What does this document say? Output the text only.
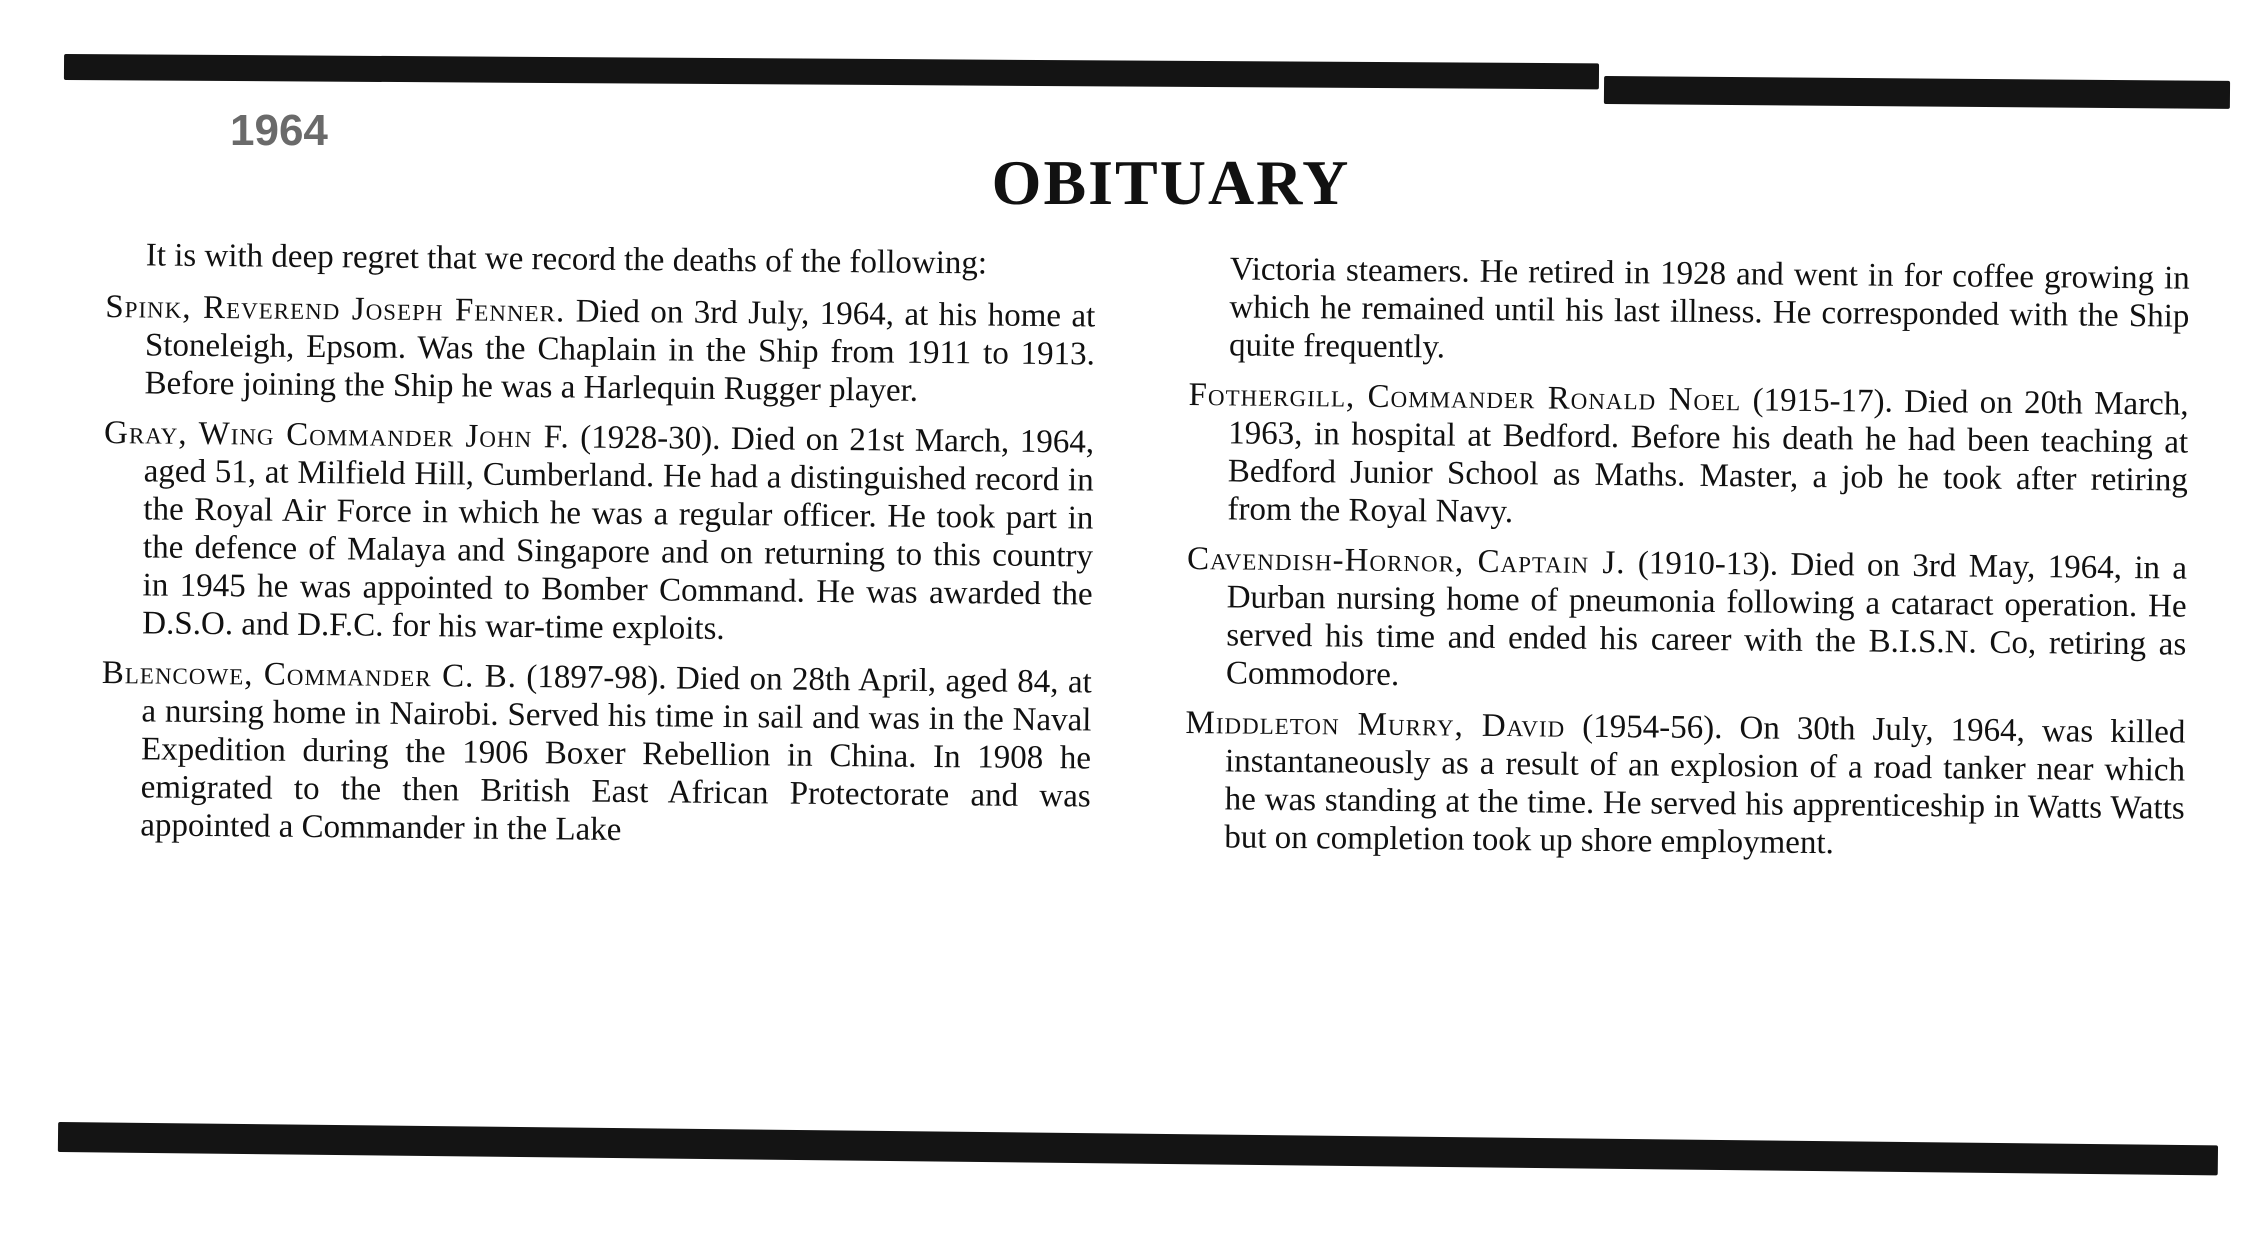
1964

OBITUARY

It is with deep regret that we record the deaths of the following:

Spink, Reverend Joseph Fenner. Died on 3rd July, 1964, at his home at Stoneleigh, Epsom. Was the Chaplain in the Ship from 1911 to 1913. Before joining the Ship he was a Harlequin Rugger player.

Gray, Wing Commander John F. (1928-30). Died on 21st March, 1964, aged 51, at Milfield Hill, Cumberland. He had a distinguished record in the Royal Air Force in which he was a regular officer. He took part in the defence of Malaya and Singapore and on returning to this country in 1945 he was appointed to Bomber Command. He was awarded the D.S.O. and D.F.C. for his war-time exploits.

Blencowe, Commander C. B. (1897-98). Died on 28th April, aged 84, at a nursing home in Nairobi. Served his time in sail and was in the Naval Expedition during the 1906 Boxer Rebellion in China. In 1908 he emigrated to the then British East African Protectorate and was appointed a Commander in the Lake

Victoria steamers. He retired in 1928 and went in for coffee growing in which he remained until his last illness. He corresponded with the Ship quite frequently.

Fothergill, Commander Ronald Noel (1915-17). Died on 20th March, 1963, in hospital at Bedford. Before his death he had been teaching at Bedford Junior School as Maths. Master, a job he took after retiring from the Royal Navy.

Cavendish-Hornor, Captain J. (1910-13). Died on 3rd May, 1964, in a Durban nursing home of pneumonia following a cataract operation. He served his time and ended his career with the B.I.S.N. Co, retiring as Commodore.

Middleton Murry, David (1954-56). On 30th July, 1964, was killed instantaneously as a result of an explosion of a road tanker near which he was standing at the time. He served his apprenticeship in Watts Watts but on completion took up shore employment.
